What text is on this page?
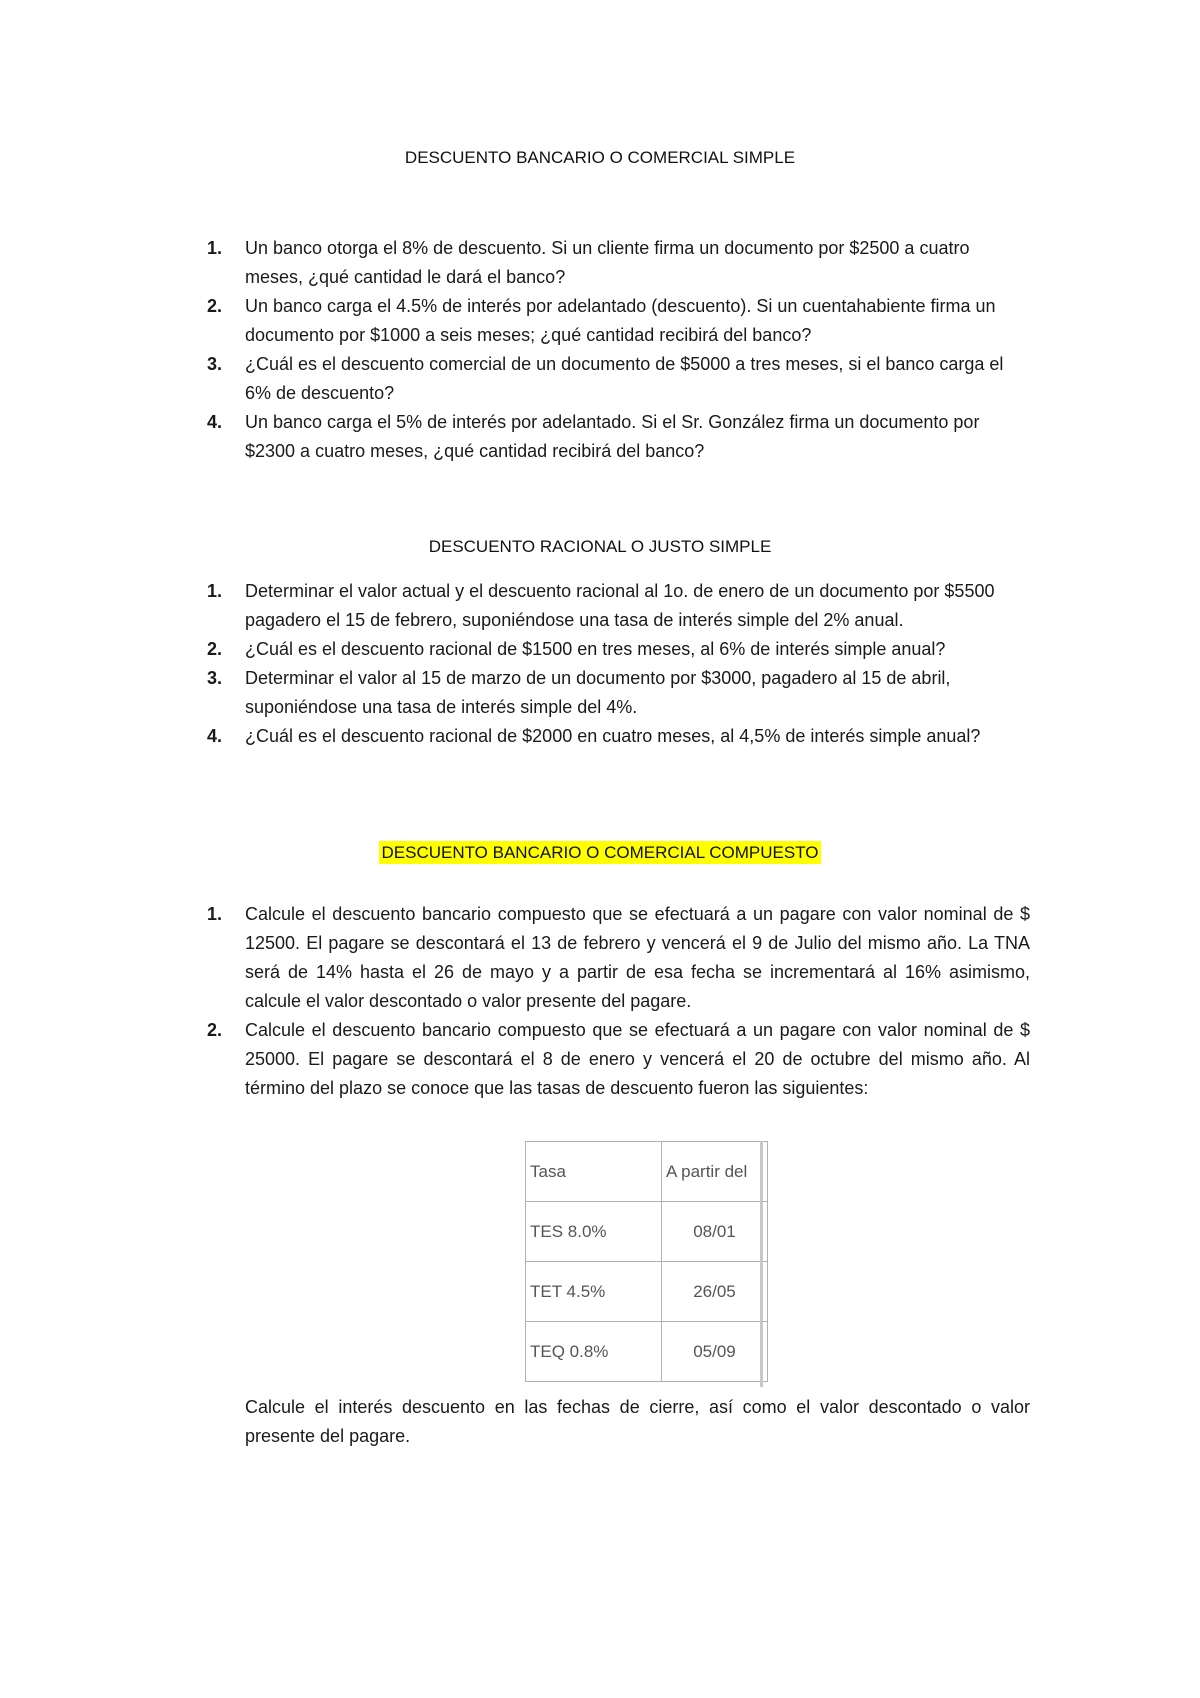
DESCUENTO BANCARIO O COMERCIAL SIMPLE
1. Un banco otorga el 8% de descuento. Si un cliente firma un documento por $2500 a cuatro meses, ¿qué cantidad le dará el banco?
2. Un banco carga el 4.5% de interés por adelantado (descuento). Si un cuentahabiente firma un documento por $1000 a seis meses; ¿qué cantidad recibirá del banco?
3. ¿Cuál es el descuento comercial de un documento de $5000 a tres meses, si el banco carga el 6% de descuento?
4. Un banco carga el 5% de interés por adelantado. Si el Sr. González firma un documento por $2300 a cuatro meses, ¿qué cantidad recibirá del banco?
DESCUENTO RACIONAL O JUSTO SIMPLE
1. Determinar el valor actual y el descuento racional al 1o. de enero de un documento por $5500 pagadero el 15 de febrero, suponiéndose una tasa de interés simple del 2% anual.
2. ¿Cuál es el descuento racional de $1500 en tres meses, al 6% de interés simple anual?
3. Determinar el valor al 15 de marzo de un documento por $3000, pagadero al 15 de abril, suponiéndose una tasa de interés simple del 4%.
4. ¿Cuál es el descuento racional de $2000 en cuatro meses, al 4,5% de interés simple anual?
DESCUENTO BANCARIO O COMERCIAL COMPUESTO
1. Calcule el descuento bancario compuesto que se efectuará a un pagare con valor nominal de $ 12500. El pagare se descontará el 13 de febrero y vencerá el 9 de Julio del mismo año. La TNA será de 14% hasta el 26 de mayo y a partir de esa fecha se incrementará al 16% asimismo, calcule el valor descontado o valor presente del pagare.
2. Calcule el descuento bancario compuesto que se efectuará a un pagare con valor nominal de $ 25000. El pagare se descontará el 8 de enero y vencerá el 20 de octubre del mismo año. Al término del plazo se conoce que las tasas de descuento fueron las siguientes:
Tasa	A partir del
TES 8.0%	08/01
TET 4.5%	26/05
TEQ 0.8%	05/09

Calcule el interés descuento en las fechas de cierre, así como el valor descontado o valor presente del pagare.
